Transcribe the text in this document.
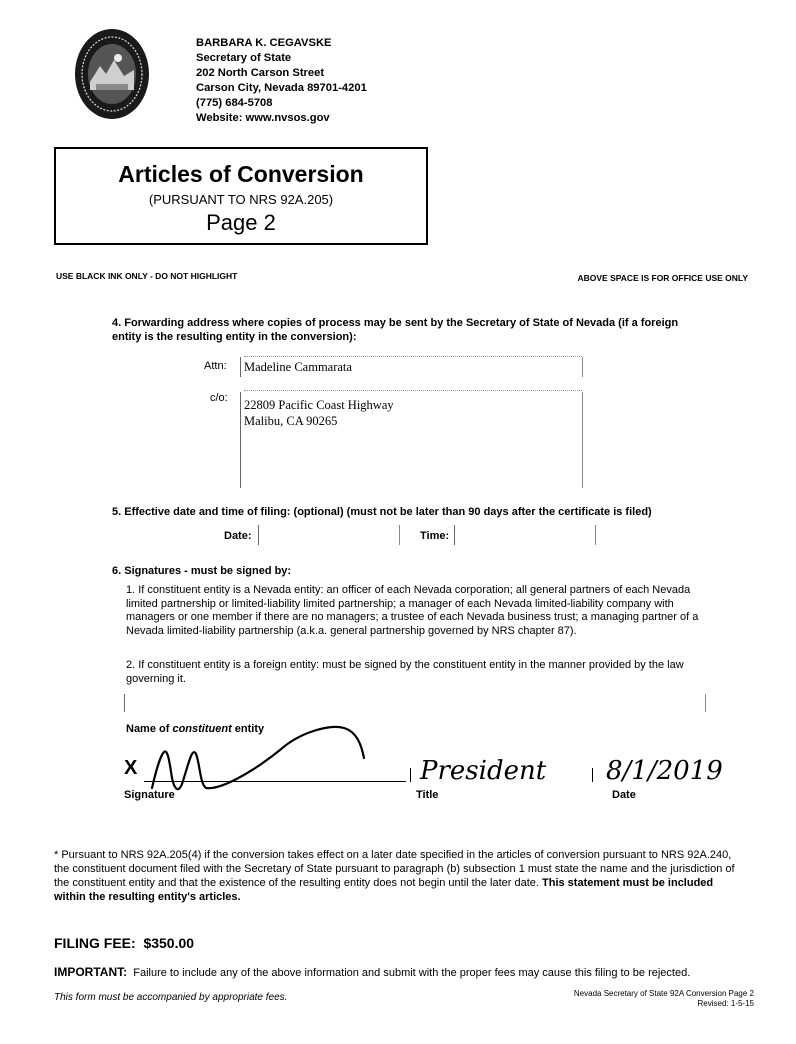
BARBARA K. CEGAVSKE
Secretary of State
202 North Carson Street
Carson City, Nevada 89701-4201
(775) 684-5708
Website: www.nvsos.gov
Articles of Conversion
(PURSUANT TO NRS 92A.205)
Page 2
USE BLACK INK ONLY - DO NOT HIGHLIGHT	ABOVE SPACE IS FOR OFFICE USE ONLY
4. Forwarding address where copies of process may be sent by the Secretary of State of Nevada (if a foreign entity is the resulting entity in the conversion):
Attn: Madeline Cammarata
c/o: 22809 Pacific Coast Highway
Malibu, CA 90265
5. Effective date and time of filing: (optional) (must not be later than 90 days after the certificate is filed)
Date:	Time:
6. Signatures - must be signed by:
1. If constituent entity is a Nevada entity: an officer of each Nevada corporation; all general partners of each Nevada limited partnership or limited-liability limited partnership; a manager of each Nevada limited-liability company with managers or one member if there are no managers; a trustee of each Nevada business trust; a managing partner of a Nevada limited-liability partnership (a.k.a. general partnership governed by NRS chapter 87).
2. If constituent entity is a foreign entity: must be signed by the constituent entity in the manner provided by the law governing it.
Name of constituent entity
X
Signature	Title	Date
President 8/1/2019
* Pursuant to NRS 92A.205(4) if the conversion takes effect on a later date specified in the articles of conversion pursuant to NRS 92A.240, the constituent document filed with the Secretary of State pursuant to paragraph (b) subsection 1 must state the name and the jurisdiction of the constituent entity and that the existence of the resulting entity does not begin until the later date. This statement must be included within the resulting entity's articles.
FILING FEE: $350.00
IMPORTANT: Failure to include any of the above information and submit with the proper fees may cause this filing to be rejected.
This form must be accompanied by appropriate fees.	Nevada Secretary of State 92A Conversion Page 2
Revised: 1-5-15
